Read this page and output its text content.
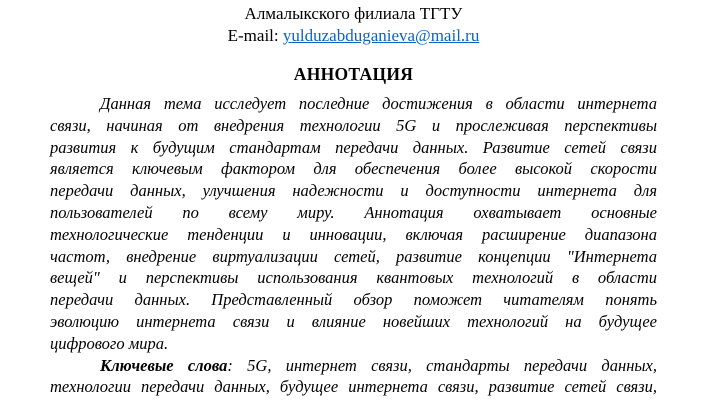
Алмалыкского филиала ТГТУ
E-mail: yulduzabduganieva@mail.ru
АННОТАЦИЯ
Данная тема исследует последние достижения в области интернета
связи, начиная от внедрения технологии 5G и прослеживая перспективы
развития к будущим стандартам передачи данных. Развитие сетей связи
является ключевым фактором для обеспечения более высокой скорости
передачи данных, улучшения надежности и доступности интернета для
пользователей по всему миру. Аннотация охватывает основные
технологические тенденции и инновации, включая расширение диапазона
частот, внедрение виртуализации сетей, развитие концепции "Интернета
вещей" и перспективы использования квантовых технологий в области
передачи данных. Представленный обзор поможет читателям понять
эволюцию интернета связи и влияние новейших технологий на будущее
цифрового мира.
Ключевые слова: 5G, интернет связи, стандарты передачи данных,
технологии передачи данных, будущее интернета связи, развитие сетей связи,
